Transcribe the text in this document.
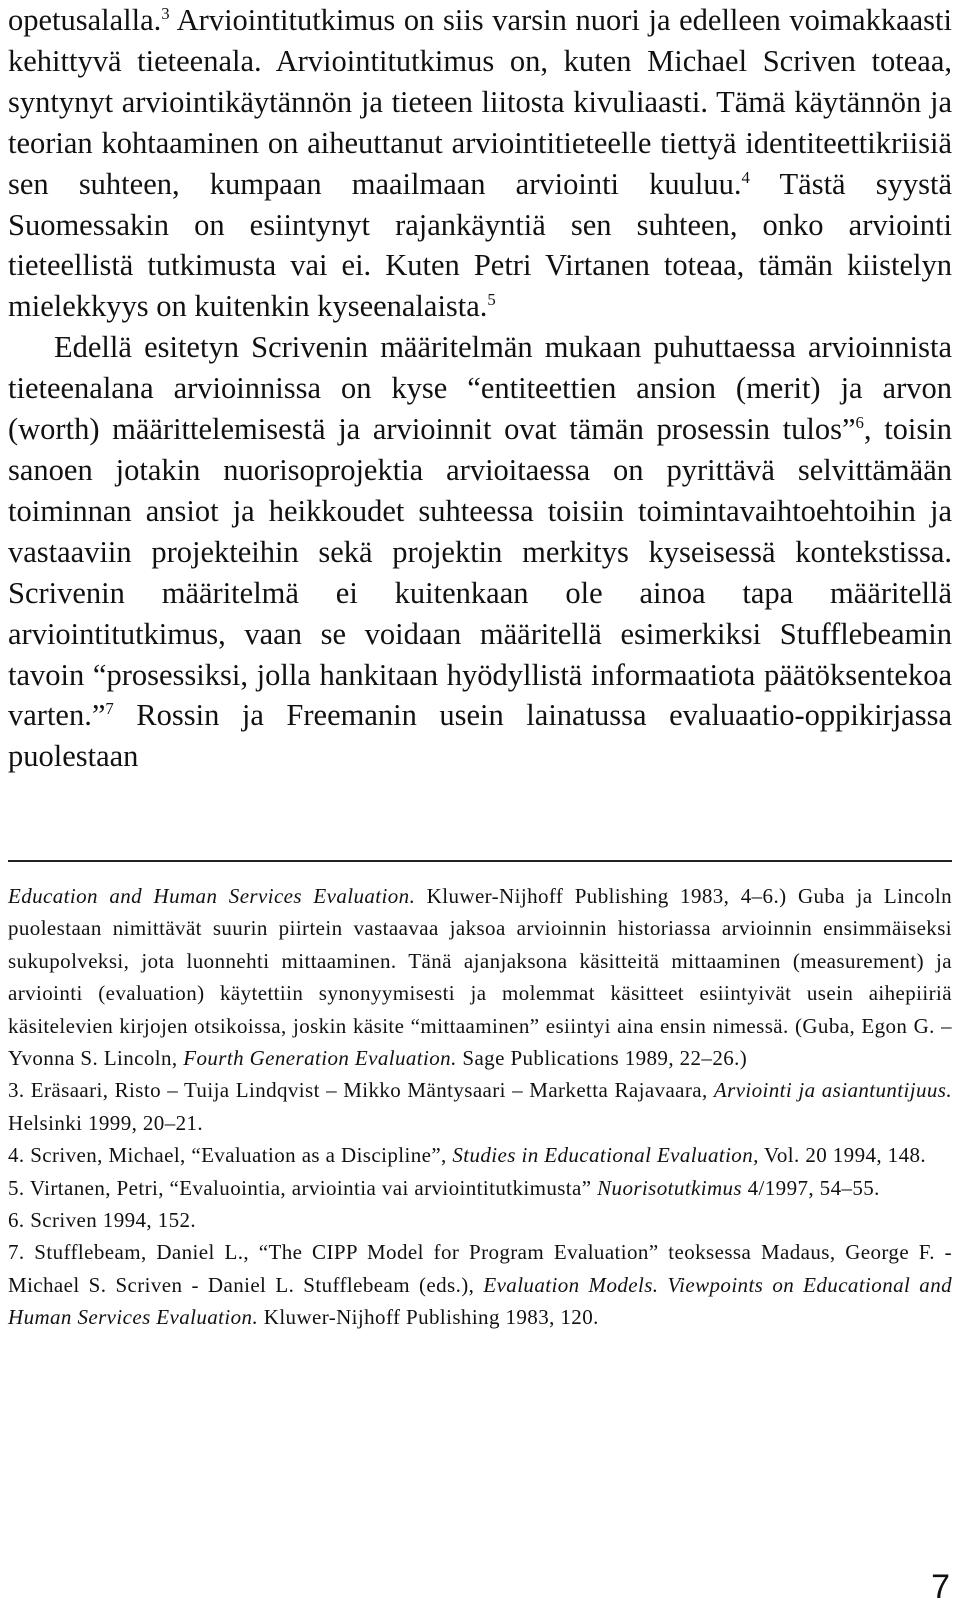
opetusalalla.$^3$ Arviointitutkimus on siis varsin nuori ja edelleen voimakkaasti kehittyvä tieteenala. Arviointitutkimus on, kuten Michael Scriven toteaa, syntynyt arviointikäytännön ja tieteen liitosta kivuliaasti. Tämä käytännön ja teorian kohtaaminen on aiheuttanut arviointitieteelle tiettyä identiteettikriisiä sen suhteen, kumpaan maailmaan arviointi kuuluu.$^4$ Tästä syystä Suomessakin on esiintynyt rajankäyntiä sen suhteen, onko arviointi tieteellistä tutkimusta vai ei. Kuten Petri Virtanen toteaa, tämän kiistelyn mielekkyys on kuitenkin kyseenalaista.$^5$

Edellä esitetyn Scrivenin määritelmän mukaan puhuttaessa arvioinnista tieteenalana arvioinnissa on kyse “entiteettien ansion (merit) ja arvon (worth) määrittelemisestä ja arvioinnit ovat tämän prosessin tulos”$^6$, toisin sanoen jotakin nuorisoprojektia arvioitaessa on pyrittävä selvittämään toiminnan ansiot ja heikkoudet suhteessa toisiin toimintavaihtoehtoihin ja vastaaviin projekteihin sekä projektin merkitys kyseisessä kontekstissa. Scrivenin määritelmä ei kuitenkaan ole ainoa tapa määritellä arviointitutkimus, vaan se voidaan määritellä esimerkiksi Stufflebeamin tavoin “prosessiksi, jolla hankitaan hyödyllistä informaatiota päätöksentekoa varten.”$^7$ Rossin ja Freemanin usein lainatussa evaluaatio-oppikirjassa puolestaan

Education and Human Services Evaluation. Kluwer-Nijhoff Publishing 1983, 4–6.) Guba ja Lincoln puolestaan nimittävät suurin piirtein vastaavaa jaksoa arvioinnin historiassa arvioinnin ensimmäiseksi sukupolveksi, jota luonnehti mittaaminen. Tänä ajanjaksona käsitteitä mittaaminen (measurement) ja arviointi (evaluation) käytettiin synonyymisesti ja molemmat käsitteet esiintyivät usein aihepiiriä käsitelevien kirjojen otsikoissa, joskin käsite “mittaaminen” esiintyi aina ensin nimessä. (Guba, Egon G. – Yvonna S. Lincoln, Fourth Generation Evaluation. Sage Publications 1989, 22–26.)

3. Eräsaari, Risto – Tuija Lindqvist – Mikko Mäntysaari – Marketta Rajavaara, Arviointi ja asiantuntijuus. Helsinki 1999, 20–21.

4. Scriven, Michael, “Evaluation as a Discipline”, Studies in Educational Evaluation, Vol. 20 1994, 148.

5. Virtanen, Petri, “Evaluointia, arviointia vai arviointitutkimusta” Nuorisotutkimus 4/1997, 54–55.

6. Scriven 1994, 152.

7. Stufflebeam, Daniel L., “The CIPP Model for Program Evaluation” teoksessa Madaus, George F. - Michael S. Scriven - Daniel L. Stufflebeam (eds.), Evaluation Models. Viewpoints on Educational and Human Services Evaluation. Kluwer-Nijhoff Publishing 1983, 120.

7
